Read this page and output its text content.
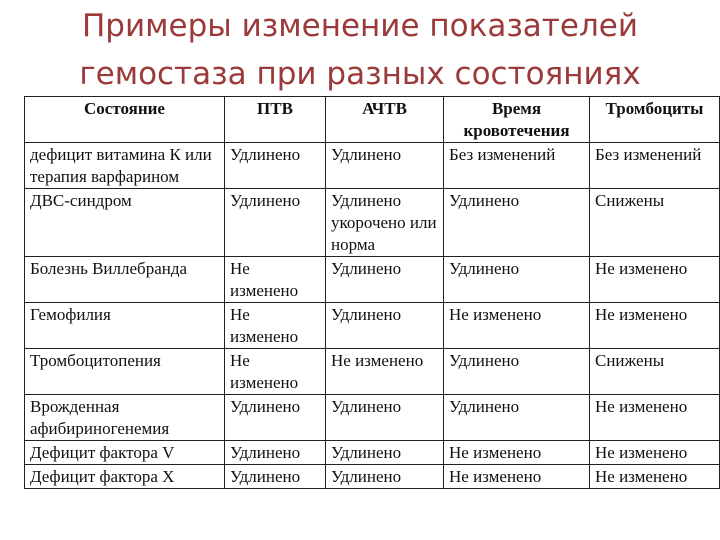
Примеры изменение показателей
гемостаза при разных состояниях
Состояние	ПТВ	АЧТВ	Время кровотечения	Тромбоциты
дефицит витамина К или терапия варфарином	Удлинено	Удлинено	Без изменений	Без изменений
ДВС-синдром	Удлинено	Удлинено укорочено или норма	Удлинено	Снижены
Болезнь Виллебранда	Не изменено	Удлинено	Удлинено	Не изменено
Гемофилия	Не изменено	Удлинено	Не изменено	Не изменено
Тромбоцитопения	Не изменено	Не изменено	Удлинено	Снижены
Врожденная афибириногенемия	Удлинено	Удлинено	Удлинено	Не изменено
Дефицит фактора V	Удлинено	Удлинено	Не изменено	Не изменено
Дефицит фактора X	Удлинено	Удлинено	Не изменено	Не изменено
